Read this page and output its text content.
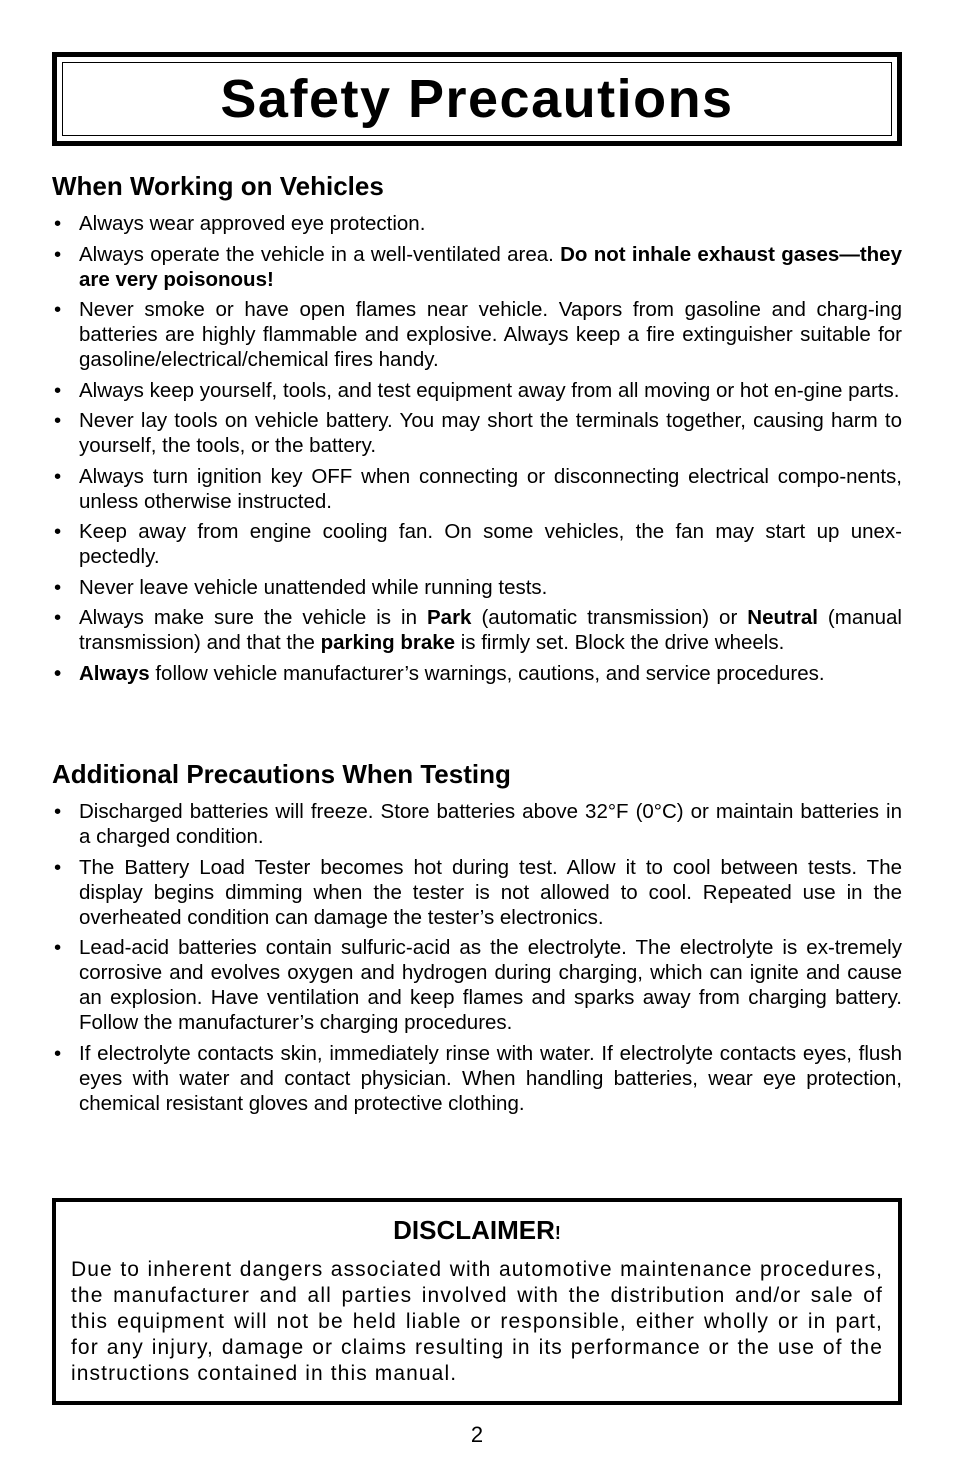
Safety Precautions
When Working on Vehicles
• Always wear approved eye protection.
• Always operate the vehicle in a well-ventilated area. Do not inhale exhaust gases—they are very poisonous!
• Never smoke or have open flames near vehicle. Vapors from gasoline and charg-ing batteries are highly flammable and explosive. Always keep a fire extinguisher suitable for gasoline/electrical/chemical fires handy.
• Always keep yourself, tools, and test equipment away from all moving or hot en-gine parts.
• Never lay tools on vehicle battery. You may short the terminals together, causing harm to yourself, the tools, or the battery.
• Always turn ignition key OFF when connecting or disconnecting electrical compo-nents, unless otherwise instructed.
• Keep away from engine cooling fan. On some vehicles, the fan may start up unex-pectedly.
• Never leave vehicle unattended while running tests.
• Always make sure the vehicle is in Park (automatic transmission) or Neutral (manual transmission) and that the parking brake is firmly set. Block the drive wheels.
• Always follow vehicle manufacturer’s warnings, cautions, and service procedures.
Additional Precautions When Testing
• Discharged batteries will freeze. Store batteries above 32°F (0°C) or maintain batteries in a charged condition.
• The Battery Load Tester becomes hot during test. Allow it to cool between tests. The display begins dimming when the tester is not allowed to cool. Repeated use in the overheated condition can damage the tester’s electronics.
• Lead-acid batteries contain sulfuric-acid as the electrolyte. The electrolyte is ex-tremely corrosive and evolves oxygen and hydrogen during charging, which can ignite and cause an explosion. Have ventilation and keep flames and sparks away from charging battery. Follow the manufacturer’s charging procedures.
• If electrolyte contacts skin, immediately rinse with water. If electrolyte contacts eyes, flush eyes with water and contact physician. When handling batteries, wear eye protection, chemical resistant gloves and protective clothing.
DISCLAIMER!

Due to inherent dangers associated with automotive maintenance procedures, the manufacturer and all parties involved with the distribution and/or sale of this equipment will not be held liable or responsible, either wholly or in part, for any injury, damage or claims resulting in its performance or the use of the instructions contained in this manual.

2
